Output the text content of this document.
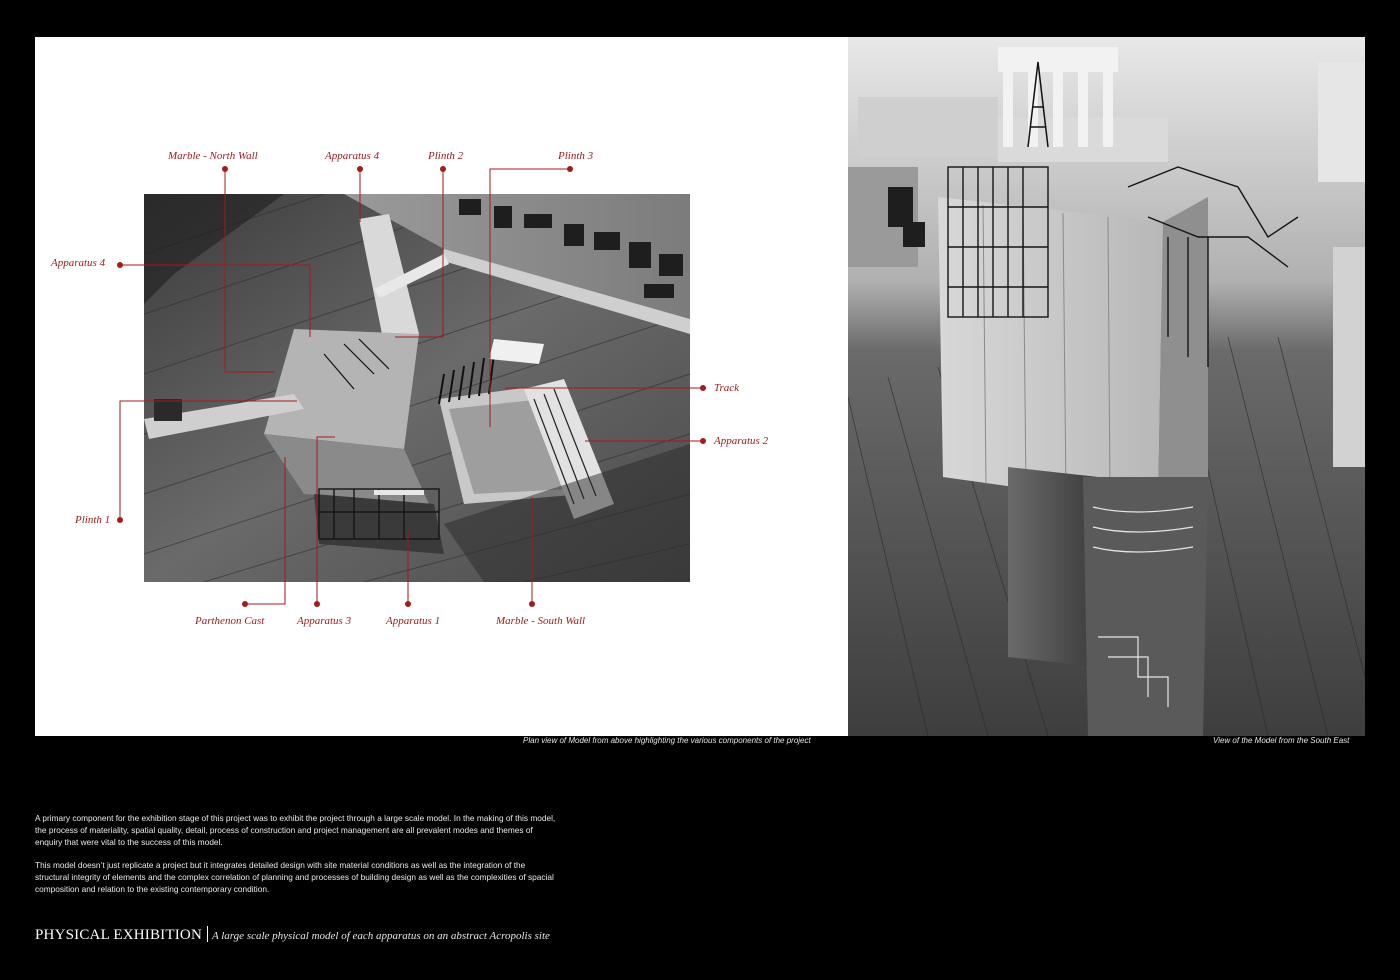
Marble - North Wall	Apparatus 4	Plinth 2	Plinth 3
Apparatus 4
Track
Apparatus 2
Plinth 1
Parthenon Cast	Apparatus 3	Apparatus 1	Marble - South Wall
Plan view of Model from above highlighting the various components of the project	View of the Model from the South East

A primary component for the exhibition stage of this project was to exhibit the project through a large scale model. In the making of this model, the process of materiality, spatial quality, detail, process of construction and project management are all prevalent modes and themes of enquiry that were vital to the success of this model.

This model doesn’t just replicate a project but it integrates detailed design with site material conditions as well as the integration of the structural integrity of elements and the complex correlation of planning and processes of building design as well as the complexities of spacial composition and relation to the existing contemporary condition.

PHYSICAL EXHIBITION A large scale physical model of each apparatus on an abstract Acropolis site
